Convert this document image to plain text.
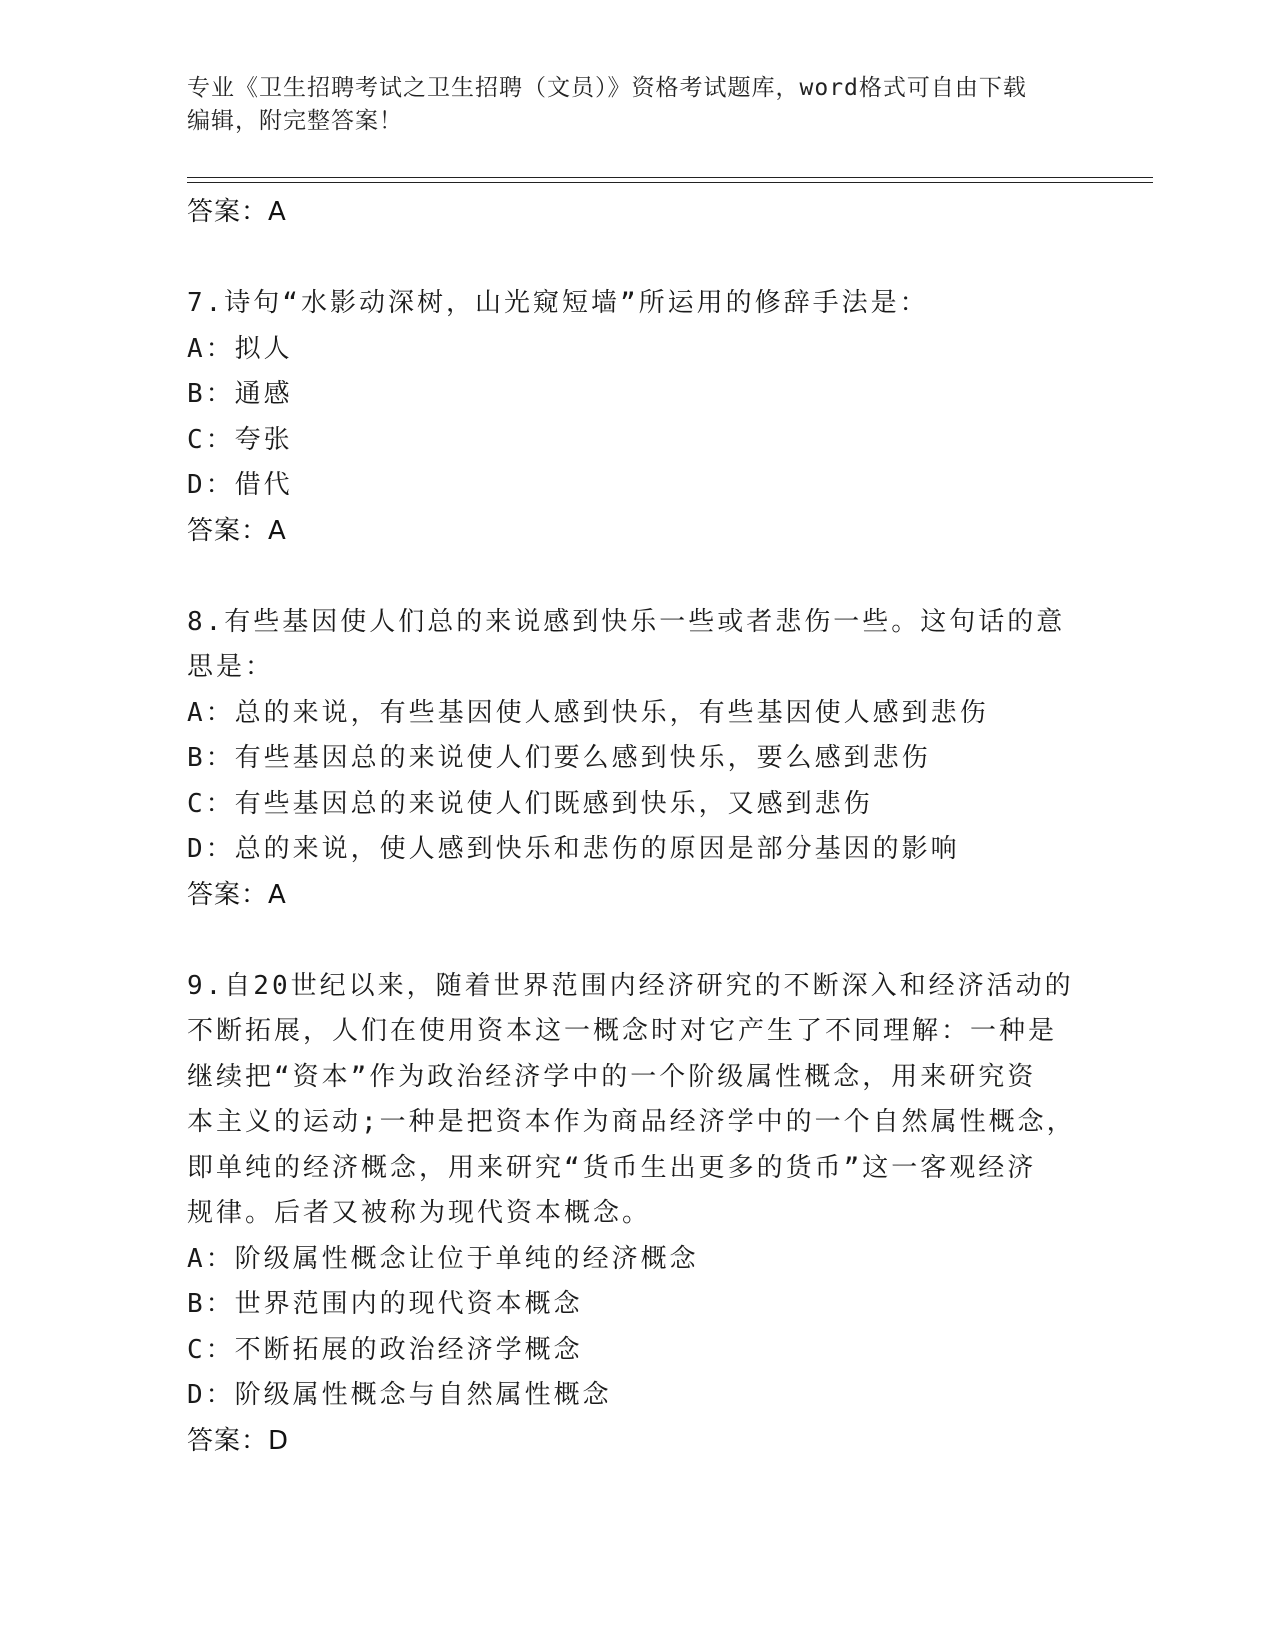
专业《卫生招聘考试之卫生招聘（文员）》资格考试题库，word格式可自由下载
编辑，附完整答案！
答案：A
7.诗句“水影动深树，山光窥短墙”所运用的修辞手法是：
A：拟人
B：通感
C：夸张
D：借代
答案：A
8.有些基因使人们总的来说感到快乐一些或者悲伤一些。这句话的意
思是：
A：总的来说，有些基因使人感到快乐，有些基因使人感到悲伤
B：有些基因总的来说使人们要么感到快乐，要么感到悲伤
C：有些基因总的来说使人们既感到快乐，又感到悲伤
D：总的来说，使人感到快乐和悲伤的原因是部分基因的影响
答案：A
9.自20世纪以来，随着世界范围内经济研究的不断深入和经济活动的
不断拓展，人们在使用资本这一概念时对它产生了不同理解：一种是
继续把“资本”作为政治经济学中的一个阶级属性概念，用来研究资
本主义的运动;一种是把资本作为商品经济学中的一个自然属性概念，
即单纯的经济概念，用来研究“货币生出更多的货币”这一客观经济
规律。后者又被称为现代资本概念。
A：阶级属性概念让位于单纯的经济概念
B：世界范围内的现代资本概念
C：不断拓展的政治经济学概念
D：阶级属性概念与自然属性概念
答案：D
